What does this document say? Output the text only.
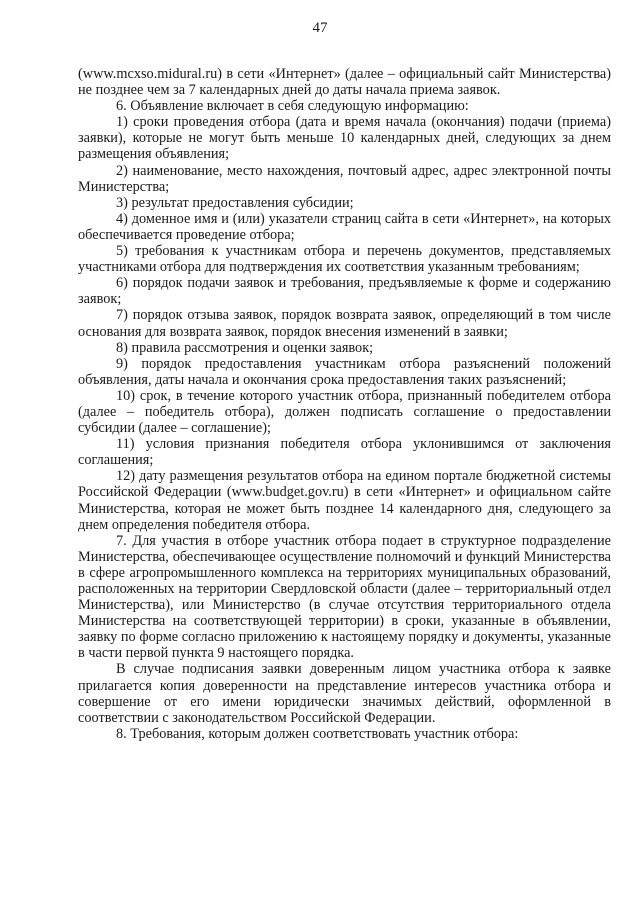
47

(www.mcxso.midural.ru) в сети «Интернет» (далее – официальный сайт Министерства) не позднее чем за 7 календарных дней до даты начала приема заявок.

6. Объявление включает в себя следующую информацию:

1) сроки проведения отбора (дата и время начала (окончания) подачи (приема) заявки), которые не могут быть меньше 10 календарных дней, следующих за днем размещения объявления;

2) наименование, место нахождения, почтовый адрес, адрес электронной почты Министерства;

3) результат предоставления субсидии;

4) доменное имя и (или) указатели страниц сайта в сети «Интернет», на которых обеспечивается проведение отбора;

5) требования к участникам отбора и перечень документов, представляемых участниками отбора для подтверждения их соответствия указанным требованиям;

6) порядок подачи заявок и требования, предъявляемые к форме и содержанию заявок;

7) порядок отзыва заявок, порядок возврата заявок, определяющий в том числе основания для возврата заявок, порядок внесения изменений в заявки;

8) правила рассмотрения и оценки заявок;

9) порядок предоставления участникам отбора разъяснений положений объявления, даты начала и окончания срока предоставления таких разъяснений;

10) срок, в течение которого участник отбора, признанный победителем отбора (далее – победитель отбора), должен подписать соглашение о предоставлении субсидии (далее – соглашение);

11) условия признания победителя отбора уклонившимся от заключения соглашения;

12) дату размещения результатов отбора на едином портале бюджетной системы Российской Федерации (www.budget.gov.ru) в сети «Интернет» и официальном сайте Министерства, которая не может быть позднее 14 календарного дня, следующего за днем определения победителя отбора.

7. Для участия в отборе участник отбора подает в структурное подразделение Министерства, обеспечивающее осуществление полномочий и функций Министерства в сфере агропромышленного комплекса на территориях муниципальных образований, расположенных на территории Свердловской области (далее – территориальный отдел Министерства), или Министерство (в случае отсутствия территориального отдела Министерства на соответствующей территории) в сроки, указанные в объявлении, заявку по форме согласно приложению к настоящему порядку и документы, указанные в части первой пункта 9 настоящего порядка.

В случае подписания заявки доверенным лицом участника отбора к заявке прилагается копия доверенности на представление интересов участника отбора и совершение от его имени юридически значимых действий, оформленной в соответствии с законодательством Российской Федерации.

8. Требования, которым должен соответствовать участник отбора:
